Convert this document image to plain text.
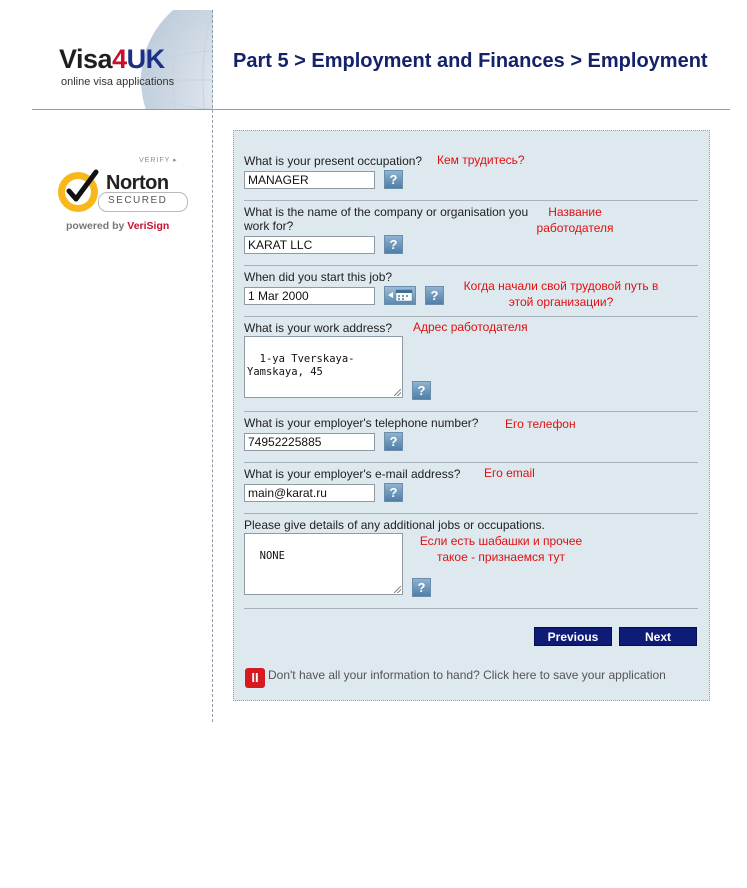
Visa4UK
online visa applications
Part 5 > Employment and Finances > Employment
VERIFY ▸
Norton
SECURED
powered by VeriSign
What is your present occupation? Кем трудитесь?
MANAGER	?
What is the name of the company or organisation you
work for?
Название
работодателя
KARAT LLC	?
When did you start this job?
Когда начали свой трудовой путь в
этой организации?
1 Mar 2000	?
What is your work address? Адрес работодателя

1-ya Tverskaya-
Yamskaya, 45

?
What is your employer's telephone number? Его телефон
74952225885	?
What is your employer's e-mail address? Его email
main@karat.ru	?
Please give details of any additional jobs or occupations.

NONE

Если есть шабашки и прочее
такое - признаемся тут
?
Previous	Next
II Don't have all your information to hand? Click here to save your application
